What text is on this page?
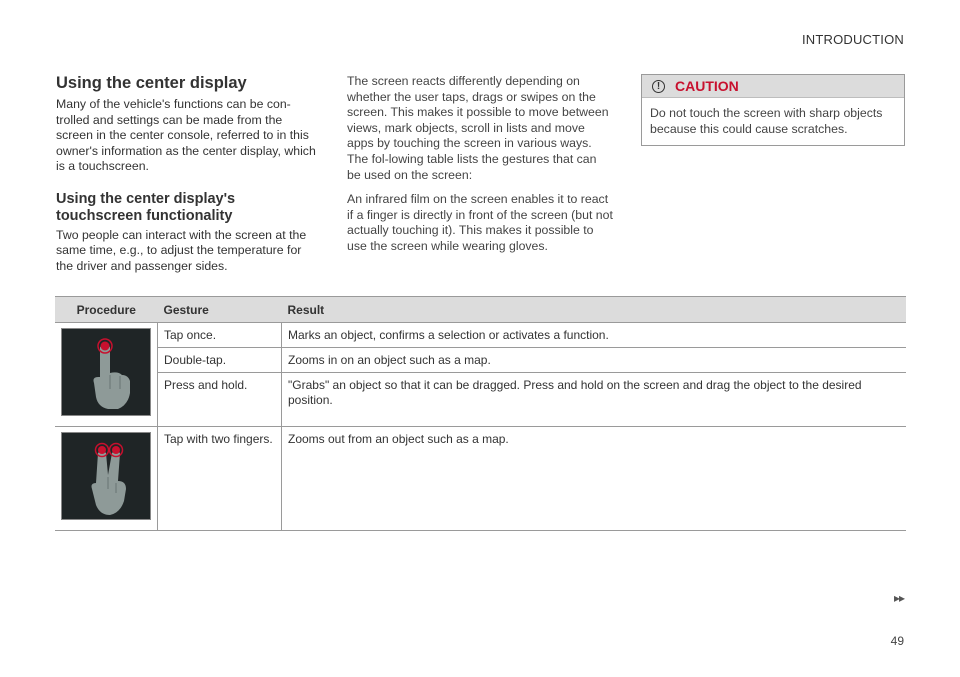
INTRODUCTION
Using the center display

Many of the vehicle's functions can be con-trolled and settings can be made from the screen in the center console, referred to in this owner's information as the center display, which is a touchscreen.

Using the center display's touchscreen functionality

Two people can interact with the screen at the same time, e.g., to adjust the temperature for the driver and passenger sides.

The screen reacts differently depending on whether the user taps, drags or swipes on the screen. This makes it possible to move between views, mark objects, scroll in lists and move apps by touching the screen in various ways. The fol-lowing table lists the gestures that can be used on the screen:

An infrared film on the screen enables it to react if a finger is directly in front of the screen (but not actually touching it). This makes it possible to use the screen while wearing gloves.

!	CAUTION
Do not touch the screen with sharp objects because this could cause scratches.
Procedure	Gesture	Result

	Tap once.	Marks an object, confirms a selection or activates a function.
	Double-tap.	Zooms in on an object such as a map.
	Press and hold.	"Grabs" an object so that it can be dragged. Press and hold on the screen and drag the object to the desired position.

	Tap with two fingers.	Zooms out from an object such as a map.
▸▸
49
